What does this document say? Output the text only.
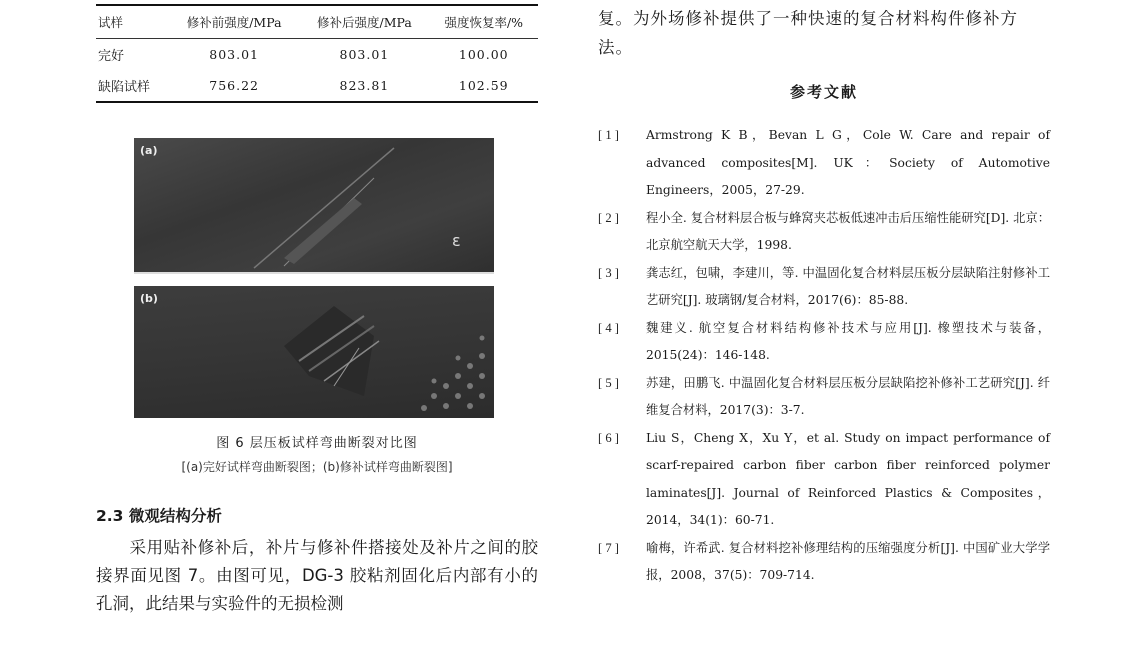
试样	修补前强度/MPa	修补后强度/MPa	强度恢复率/%
完好	803.01	803.01	100.00
缺陷试样	756.22	823.81	102.59
ε
(a)
(b)
图 6 层压板试样弯曲断裂对比图
[(a)完好试样弯曲断裂图；(b)修补试样弯曲断裂图]
2.3 微观结构分析
采用贴补修补后，补片与修补件搭接处及补片之间的胶接界面见图 7。由图可见，DG-3 胶粘剂固化后内部有小的孔洞，此结果与实验件的无损检测
复。为外场修补提供了一种快速的复合材料构件修补方法。
参考文献
[ 1 ]	Armstrong K B，Bevan L G，Cole W. Care and repair of advanced composites[M]. UK：Society of Automotive Engineers，2005，27-29.
[ 2 ]	程小全. 复合材料层合板与蜂窝夹芯板低速冲击后压缩性能研究[D]. 北京：北京航空航天大学，1998.
[ 3 ]	龚志红，包啸，李建川，等. 中温固化复合材料层压板分层缺陷注射修补工艺研究[J]. 玻璃钢/复合材料，2017(6)：85-88.
[ 4 ]	魏建义. 航空复合材料结构修补技术与应用[J]. 橡塑技术与装备，2015(24)：146-148.
[ 5 ]	苏建，田鹏飞. 中温固化复合材料层压板分层缺陷挖补修补工艺研究[J]. 纤维复合材料，2017(3)：3-7.
[ 6 ]	Liu S，Cheng X，Xu Y，et al. Study on impact performance of scarf-repaired carbon fiber carbon fiber reinforced polymer laminates[J]. Journal of Reinforced Plastics & Composites，2014，34(1)：60-71.
[ 7 ]	喻梅，许希武. 复合材料挖补修理结构的压缩强度分析[J]. 中国矿业大学学报，2008，37(5)：709-714.
